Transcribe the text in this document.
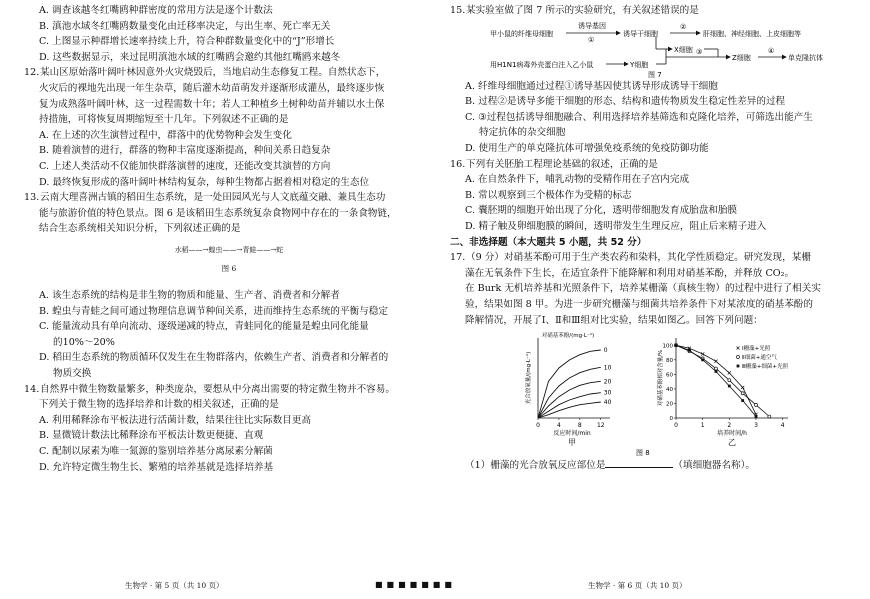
A. 调查该越冬红嘴鸥种群密度的常用方法是逐个计数法

B. 滇池水域冬红嘴鸥数量变化由迁移率决定，与出生率、死亡率无关

C. 上图显示种群增长速率持续上升，符合种群数量变化中的“J”形增长

D. 这些数据显示，来过昆明滇池水域的红嘴鸥会邀约其他红嘴鸥来越冬

12.某山区原始落叶阔叶林因意外火灾烧毁后，当地启动生态修复工程。自然状态下，

火灾后的裸地先出现一年生杂草，随后灌木幼苗萌发并逐渐形成灌丛，最终逐步恢

复为成熟落叶阔叶林，这一过程需数十年；若人工种植乡土树种幼苗并辅以水土保

持措施，可将恢复周期缩短至十几年。下列叙述不正确的是

A. 在上述的次生演替过程中，群落中的优势物种会发生变化

B. 随着演替的进行，群落的物种丰富度逐渐提高，种间关系日趋复杂

C. 上述人类活动不仅能加快群落演替的速度，还能改变其演替的方向

D. 最终恢复形成的落叶阔叶林结构复杂，每种生物都占据着相对稳定的生态位

13.云南大理喜洲古镇的稻田生态系统，是一处田园风光与人文底蕴交融、兼具生态功

能与旅游价值的特色景点。图 6 是该稻田生态系统复杂食物网中存在的一条食物链，

结合生态系统相关知识分析，下列叙述正确的是

水稻——→蝗虫——→青蛙——→蛇

图 6

A. 该生态系统的结构是非生物的物质和能量、生产者、消费者和分解者

B. 蝗虫与青蛙之间可通过物理信息调节种间关系，进而维持生态系统的平衡与稳定

C. 能量流动具有单向流动、逐级递减的特点，青蛙同化的能量是蝗虫同化能量

的10%～20%

D. 稻田生态系统的物质循环仅发生在生物群落内，依赖生产者、消费者和分解者的

物质交换

14.自然界中微生物数量繁多，种类庞杂，要想从中分离出需要的特定微生物并不容易。

下列关于微生物的选择培养和计数的相关叙述，正确的是

A. 利用稀释涂布平板法进行活菌计数，结果往往比实际数目更高

B. 显微镜计数法比稀释涂布平板法计数更便捷、直观

C. 配制以尿素为唯一氮源的鉴别培养基分离尿素分解菌

D. 允许特定微生物生长、繁殖的培养基就是选择培养基

15.某实验室做了图 7 所示的实验研究，有关叙述错误的是

甲小鼠的纤维母细胞
诱导基因
①
诱导干细胞
②
肝细胞、神经细胞、上皮细胞等
X细胞
用H1N1病毒外壳蛋白注入乙小鼠	Y细胞
③
Z细胞
④
单克隆抗体
图 7

A. 纤维母细胞通过过程①诱导基因使其诱导形成诱导干细胞

B. 过程②是诱导多能干细胞的形态、结构和遗传物质发生稳定性差异的过程

C. ③过程包括诱导细胞融合、利用选择培养基筛选和克隆化培养，可筛选出能产生

特定抗体的杂交细胞

D. 使用生产的单克隆抗体可增强免疫系统的免疫防御功能

16.下列有关胚胎工程理论基础的叙述，正确的是

A. 在自然条件下，哺乳动物的受精作用在子宫内完成

B. 常以观察到三个极体作为受精的标志

C. 囊胚期的细胞开始出现了分化，透明带细胞发育成胎盘和胎膜

D. 精子触及卵细胞膜的瞬间，透明带发生生理反应，阻止后来精子进入

二、非选择题（本大题共 5 小题，共 52 分）

17.（9 分）对硝基苯酚可用于生产类农药和染料，其化学性质稳定。研究发现，某栅

藻在无氧条件下生长，在适宜条件下能降解和利用对硝基苯酚，并释放 CO₂。

在 Burk 无机培养基和光照条件下，培养某栅藻（真核生物）的过程中进行了相关实

验，结果如图 8 甲。为进一步研究栅藻与细菌共培养条件下对某浓度的硝基苯酚的

降解情况，开展了Ⅰ、Ⅱ和Ⅲ组对比实验，结果如图乙。回答下列问题：

0	4	8	12
对硝基苯酚/(mg·L⁻¹)
0
10
20
30
40
光合放氧量/(mg·L⁻¹)
反应时间/min
甲
0	1	2	3	4
0
20
40
60
80
100	Ⅰ栅藻+光照
Ⅱ细菌+通空气
Ⅲ栅藻+细菌+光照
对硝基苯酚相对含量/%
培养时间/h
乙
图 8

（1）栅藻的光合放氧反应部位是	（填细胞器名称）。

生物学 · 第 5 页（共 10 页）	■■■■■■■	生物学 · 第 6 页（共 10 页）
